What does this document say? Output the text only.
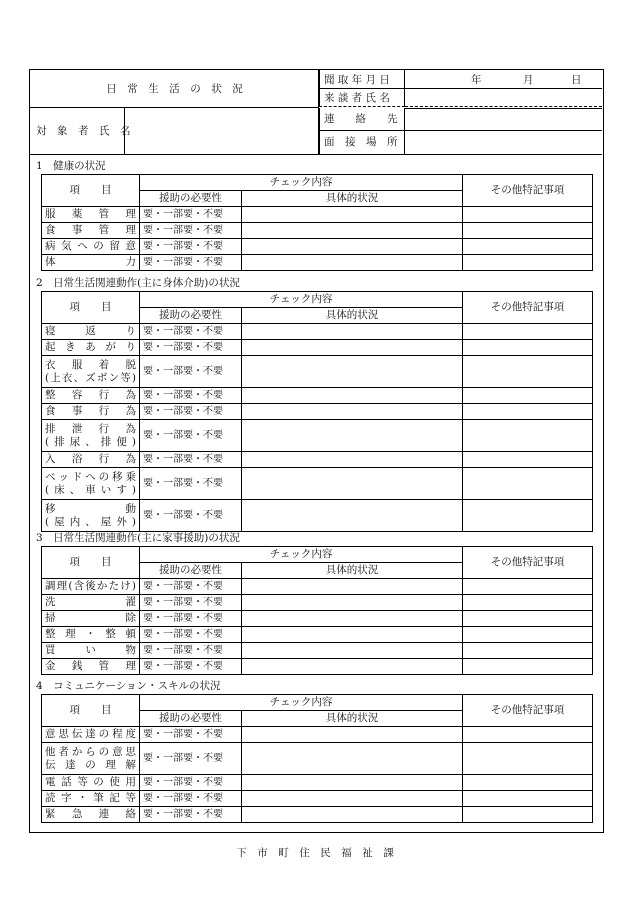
日　常　生　活　の　状　況
対　象　者　氏　名
聞 取 年 月 日	年	月	日
来 談 者 氏 名
連　　絡　　先
面　接　場　所
1　健康の状況
項　　目	チェック内容		その他特記事項
	援助の必要性	具体的状況	

服薬管理	要・一部要・不要		

食事管理	要・一部要・不要		

病気への留意	要・一部要・不要		

体力	要・一部要・不要		
2　日常生活関連動作(主に身体介助)の状況
項　　目	チェック内容		その他特記事項
	援助の必要性	具体的状況	

寝返り	要・一部要・不要		

起きあがり	要・一部要・不要		

衣服着脱
(上衣、ズボン等)	要・一部要・不要		

整容行為	要・一部要・不要		

食事行為	要・一部要・不要		

排泄行為
(排尿、排便)	要・一部要・不要		

入浴行為	要・一部要・不要		

ベッドへの移乗
(床、車いす)	要・一部要・不要		

移動
(屋内、屋外)	要・一部要・不要		
3　日常生活関連動作(主に家事援助)の状況
項　　目	チェック内容		その他特記事項
	援助の必要性	具体的状況	

調理(含後かたけ)	要・一部要・不要		

洗濯	要・一部要・不要		

掃除	要・一部要・不要		

整理・整頓	要・一部要・不要		

買い物	要・一部要・不要		

金銭管理	要・一部要・不要		
4　コミュニケーション・スキルの状況
項　　目	チェック内容		その他特記事項
	援助の必要性	具体的状況	

意思伝達の程度	要・一部要・不要		

他者からの意思
伝達の理解	要・一部要・不要		

電話等の使用	要・一部要・不要		

読字・筆記等	要・一部要・不要		

緊急連絡	要・一部要・不要		
下　市　町　住　民　福　祉　課
